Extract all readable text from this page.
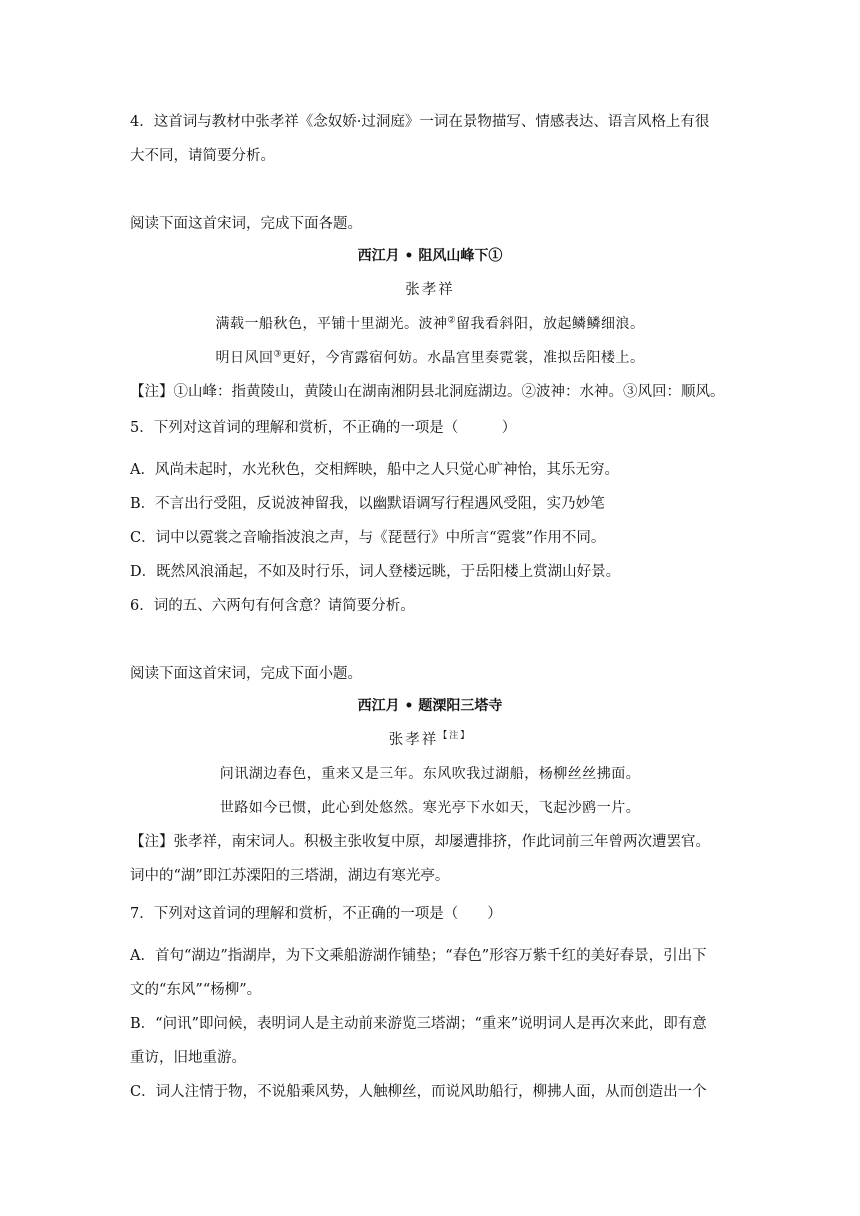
4．这首词与教材中张孝祥《念奴娇·过洞庭》一词在景物描写、情感表达、语言风格上有很
大不同，请简要分析。
阅读下面这首宋词，完成下面各题。
西江月 • 阻风山峰下①
张孝祥
满载一船秋色，平铺十里湖光。波神②留我看斜阳，放起鳞鳞细浪。
明日风回③更好，今宵露宿何妨。水晶宫里奏霓裳，准拟岳阳楼上。
【注】①山峰：指黄陵山，黄陵山在湖南湘阴县北洞庭湖边。②波神：水神。③风回：顺风。
5．下列对这首词的理解和赏析，不正确的一项是（　　　）
A．风尚未起时，水光秋色，交相辉映，船中之人只觉心旷神怡，其乐无穷。
B．不言出行受阻，反说波神留我，以幽默语调写行程遇风受阻，实乃妙笔
C．词中以霓裳之音喻指波浪之声，与《琵琶行》中所言“霓裳”作用不同。
D．既然风浪涌起，不如及时行乐，词人登楼远眺，于岳阳楼上赏湖山好景。
6．词的五、六两句有何含意？请简要分析。
阅读下面这首宋词，完成下面小题。
西江月 • 题溧阳三塔寺
张孝祥$^{【注】}$
问讯湖边春色，重来又是三年。东风吹我过湖船，杨柳丝丝拂面。
世路如今已惯，此心到处悠然。寒光亭下水如天，飞起沙鸥一片。
【注】张孝祥，南宋词人。积极主张收复中原，却屡遭排挤，作此词前三年曾两次遭罢官。
词中的“湖”即江苏溧阳的三塔湖，湖边有寒光亭。
7．下列对这首词的理解和赏析，不正确的一项是（　　）
A．首句“湖边”指湖岸，为下文乘船游湖作铺垫；“春色”形容万紫千红的美好春景，引出下
文的“东风”“杨柳”。
B．“问讯”即问候，表明词人是主动前来游览三塔湖；“重来”说明词人是再次来此，即有意
重访，旧地重游。
C．词人注情于物，不说船乘风势，人触柳丝，而说风助船行，柳拂人面，从而创造出一个
